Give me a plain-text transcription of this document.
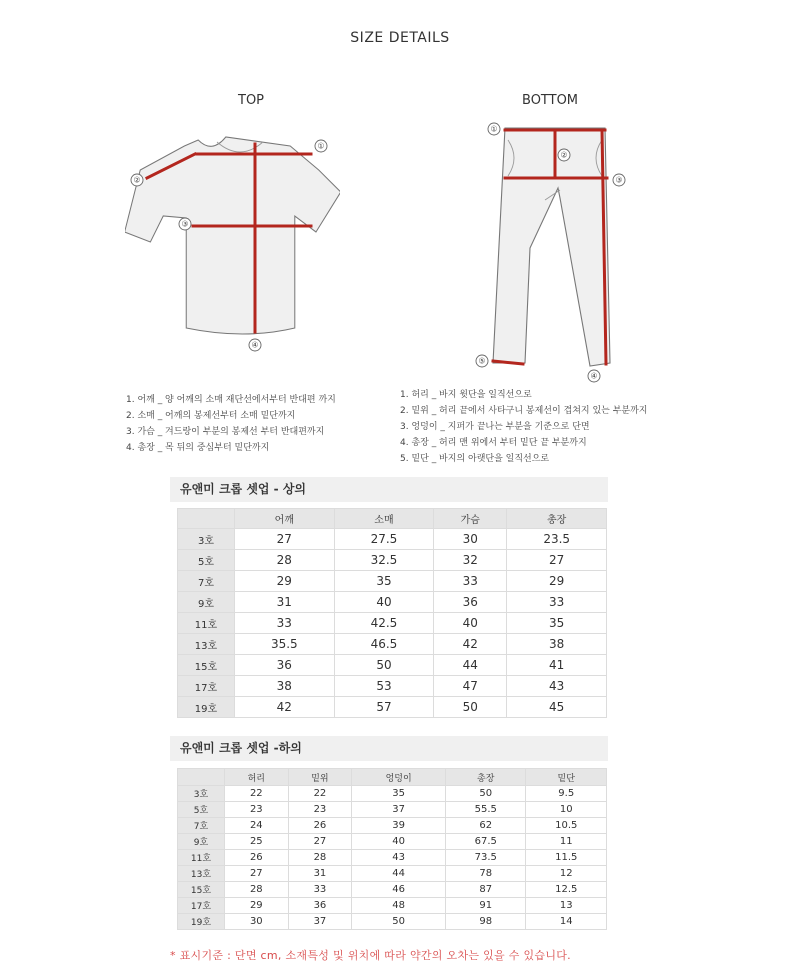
SIZE DETAILS
TOP	BOTTOM
①
②
③
④
①
②
③
④
⑤
1. 어깨 _ 양 어깨의 소매 재단선에서부터 반대편 까지
2. 소매 _ 어깨의 봉제선부터 소매 밑단까지
3. 가슴 _ 겨드랑이 부분의 봉제선 부터 반대편까지
4. 총장 _ 목 뒤의 중심부터 밑단까지
1. 허리 _ 바지 윗단을 일직선으로
2. 밑위 _ 허리 끝에서 사타구니 봉제선이 겹쳐지 있는 부분까지
3. 엉덩이 _ 지퍼가 끝나는 부분을 기준으로 단면
4. 총장 _ 허리 맨 위에서 부터 밑단 끝 부분까지
5. 밑단 _ 바지의 아랫단을 일직선으로
유앤미 크롭 셋업 - 상의
	어깨	소매	가슴	총장
3호	27	27.5	30	23.5
5호	28	32.5	32	27
7호	29	35	33	29
9호	31	40	36	33
11호	33	42.5	40	35
13호	35.5	46.5	42	38
15호	36	50	44	41
17호	38	53	47	43
19호	42	57	50	45
유앤미 크롭 셋업 -하의
	허리	밑위	엉덩이	총장	밑단
3호	22	22	35	50	9.5
5호	23	23	37	55.5	10
7호	24	26	39	62	10.5
9호	25	27	40	67.5	11
11호	26	28	43	73.5	11.5
13호	27	31	44	78	12
15호	28	33	46	87	12.5
17호	29	36	48	91	13
19호	30	37	50	98	14
* 표시기준 : 단면 cm, 소재특성 및 위치에 따라 약간의 오차는 있을 수 있습니다.
